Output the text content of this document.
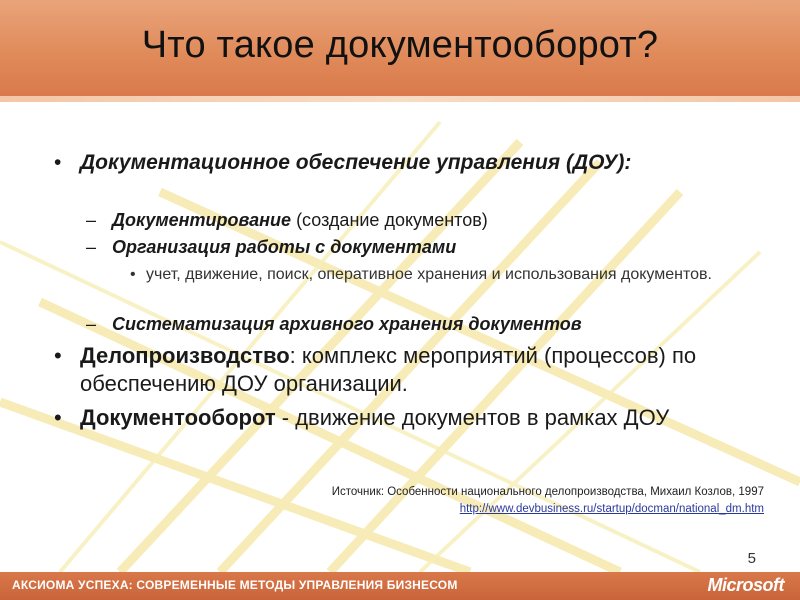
Что такое документооборот?
• Документационное обеспечение управления (ДОУ):
– Документирование (создание документов)
– Организация работы с документами
• учет, движение, поиск, оперативное хранения и использования документов.
– Систематизация архивного хранения документов
• Делопроизводство: комплекс мероприятий (процессов) по обеспечению ДОУ организации.
• Документооборот - движение документов в рамках ДОУ
Источник: Особенности национального делопроизводства, Михаил Козлов, 1997
http://www.devbusiness.ru/startup/docman/national_dm.htm
5
АКСИОМА УСПЕХА: СОВРЕМЕННЫЕ МЕТОДЫ УПРАВЛЕНИЯ БИЗНЕСОМ	Microsoft
